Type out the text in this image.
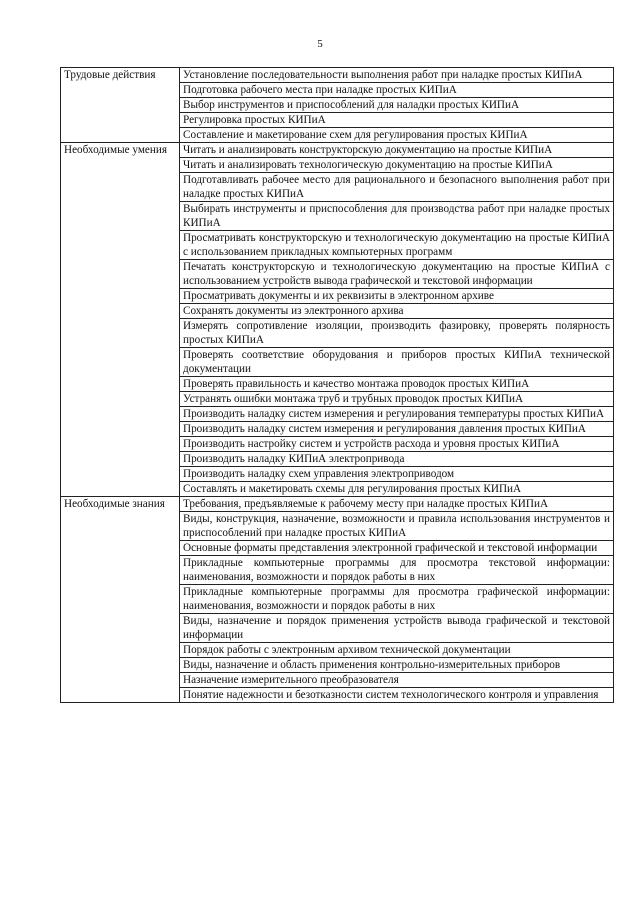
5
Трудовые действия	Установление последовательности выполнения работ при наладке простых КИПиА
	Подготовка рабочего места при наладке простых КИПиА
	Выбор инструментов и приспособлений для наладки простых КИПиА
	Регулировка простых КИПиА
	Составление и макетирование схем для регулирования простых КИПиА
Необходимые умения	Читать и анализировать конструкторскую документацию на простые КИПиА
	Читать и анализировать технологическую документацию на простые КИПиА
	Подготавливать рабочее место для рационального и безопасного выполнения работ при наладке простых КИПиА
	Выбирать инструменты и приспособления для производства работ при наладке простых КИПиА
	Просматривать конструкторскую и технологическую документацию на простые КИПиА с использованием прикладных компьютерных программ
	Печатать конструкторскую и технологическую документацию на простые КИПиА с использованием устройств вывода графической и текстовой информации
	Просматривать документы и их реквизиты в электронном архиве
	Сохранять документы из электронного архива
	Измерять сопротивление изоляции, производить фазировку, проверять полярность простых КИПиА
	Проверять соответствие оборудования и приборов простых КИПиА технической документации
	Проверять правильность и качество монтажа проводок простых КИПиА
	Устранять ошибки монтажа труб и трубных проводок простых КИПиА
	Производить наладку систем измерения и регулирования температуры простых КИПиА
	Производить наладку систем измерения и регулирования давления простых КИПиА
	Производить настройку систем и устройств расхода и уровня простых КИПиА
	Производить наладку КИПиА электропривода
	Производить наладку схем управления электроприводом
	Составлять и макетировать схемы для регулирования простых КИПиА
Необходимые знания	Требования, предъявляемые к рабочему месту при наладке простых КИПиА
	Виды, конструкция, назначение, возможности и правила использования инструментов и приспособлений при наладке простых КИПиА
	Основные форматы представления электронной графической и текстовой информации
	Прикладные компьютерные программы для просмотра текстовой информации: наименования, возможности и порядок работы в них
	Прикладные компьютерные программы для просмотра графической информации: наименования, возможности и порядок работы в них
	Виды, назначение и порядок применения устройств вывода графической и текстовой информации
	Порядок работы с электронным архивом технической документации
	Виды, назначение и область применения контрольно-измерительных приборов
	Назначение измерительного преобразователя
	Понятие надежности и безотказности систем технологического контроля и управления
